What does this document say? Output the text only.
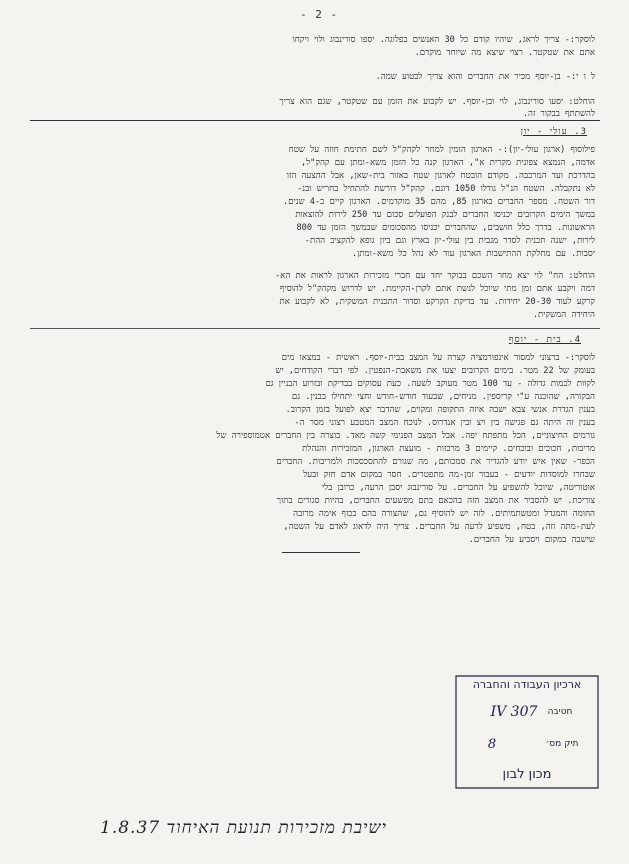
- 2 -
לוסקר:- צריך לראג, שיהיו קודם כל 30 האנשים בפלוגה. יספו סורינבוג ולוי ויקחו
אתם את שטקטר. רצוי שיצא מה שיוחד מוקדם.
ל ו י:- בן-יוסף מכיר את החברים והוא צריך לבטוע שמה.
הוחלט: יסעו סורינבוג, לוי ובן-יוסף. יש לקבוע את הזמן עם שטקטר, שגם הוא צריך
להשתתף בבקור זה.
3. עולי - יון
פילוסוף (ארגון עולי-יון):- הארגון הזמין למחר לקהק"ל לשם חתימת חוזה על שטח
אדמה, הנמצא צפונית מקרית א", הארגון קנה כל הזמן משא-ומתן עם קהק"ל,
בהדרכת ועד המרכבה. מקודם הובטח לארגון שטח באזור בית-שאן, אבל ההצעה הזו
לא נתקבלה. השטח הנ"ל גודלו 1050 דונם. קהק"ל דורשת להתחיל בחריש ובנ-
דור השטח. מספר החברים בארגון 85, מהם 35 מוקדמים. הארגון קיים כ-4 שנים.
במשך הימים הקרובים יכניסו החברים לבנק הפועלים סכום עד 250 לירות להוצאות
הראשונות. בדרך כלל חושבים, שהחברים יכניסו מהסכומים שבמשך הזמן עד 800
לירות, ישנה תכנית לסדר מגבית בין עולי-יון בארץ וגם ביון גופא להקציב ההת-
יסבות. עם מחלקת ההתישבות הארגון עוד לא נהל כל משא-ומתן.
הוחלט: הח" לוי יצא מחר השכם בבוקר יחד עם חברי מזכירות הארגון לראות את הא-
דמה ויקבע אתם זמן מתי שיוכל לגשת אתם לקרן-הקיימת. יש לדרוש מקהק"ל להוסיף
קרקע לעוד 20-30 יחידות. עד בדיקת הקרקע וסדור התכנית המשקית, לא לקבוע את
היחידה המשקית.
4. בית - יוסף
לוסקר:- ברצוני למסור אינפורמציה קצרה על המצב בבית-יוסף. ראשית - במצאו מים
בעומק של 22 מטר. בימים הקרובים יצעו את משאבת-הנפטין. לפי דברי הקודחים, יש
לקוות לכמות גדולה - עד 100 מטר מעוקב לשעה. כעת עסוקים בבדיקת ובזרוע הבניין גם
הבקורה, שהוכנה ע"י קריספין. מניחים, שבעוד חודש-חודש וחצי יתחילו בבנין. גם
בענין הגדרת אנשי צבא ישבה איזה התקופה ומקוים, שהדבר יצא לפועל בזמן הקרוב.
בענין זה היתה גם פגישה בין ויצ ובין אנדרוס. לנוכח המצב המטבע רצוני מסר ה-
גורמים החיצוניים, הכל מתפתח יפה. אבל המצב הפנימי קשה מאד. בוצרה בין החברים אטמוספירה של
מריבות, חכוכים ובוכחים. קיימים 3 מרכזות - מועצת הארגון, המזכירות והנהלת
הכפר- שאין איש יודע להגדיר את סמכותם, מה שגורם להתסכסכות ולמריבות. החברים
שבחרו למוסדות יודעים - בעבור זמן-מה מתפטרים. חסר במקום אדם חזק ובעל
אוטוריטה, שיוכל להשפיע על החברים. על סורינבוג יסבן הרעה, כרובן בלי
צוריכת. יש להסביר את המצב הזה בהכאם בתם מפשעים החברים, בהיות סגורים בתוך
החומה והמגדל ומטשתמיתים. לזה יש להוסיף גם, שהצורה בהם ככוף אימה מרובה
לעת-מתה וזה, בטח, משפיע לרעה על החברים. צריך היה לדאוג לאדם על השטה,
שישבה במקום ויסביע על החברים.
ארכיון העבודה והחברה
חטיבה
IV 307
תיק מס׳
8
מכון לבון
1.8.37 ישיבת מזכירות תנועת האיחוד
